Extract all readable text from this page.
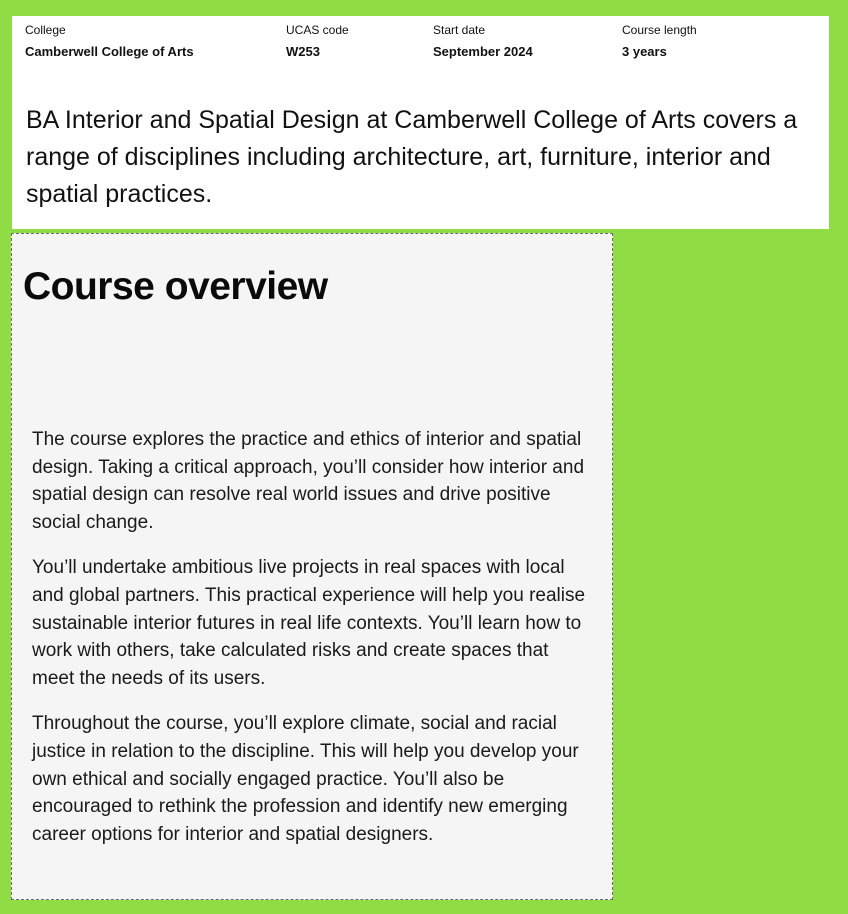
College
Camberwell College of Arts
UCAS code
W253
Start date
September 2024
Course length
3 years

BA Interior and Spatial Design at Camberwell College of Arts covers a range of disciplines including architecture, art, furniture, interior and spatial practices.

Course overview

The course explores the practice and ethics of interior and spatial design. Taking a critical approach, you’ll consider how interior and spatial design can resolve real world issues and drive positive social change.

You’ll undertake ambitious live projects in real spaces with local and global partners. This practical experience will help you realise sustainable interior futures in real life contexts. You’ll learn how to work with others, take calculated risks and create spaces that meet the needs of its users.

Throughout the course, you’ll explore climate, social and racial justice in relation to the discipline. This will help you develop your own ethical and socially engaged practice. You’ll also be encouraged to rethink the profession and identify new emerging career options for interior and spatial designers.
